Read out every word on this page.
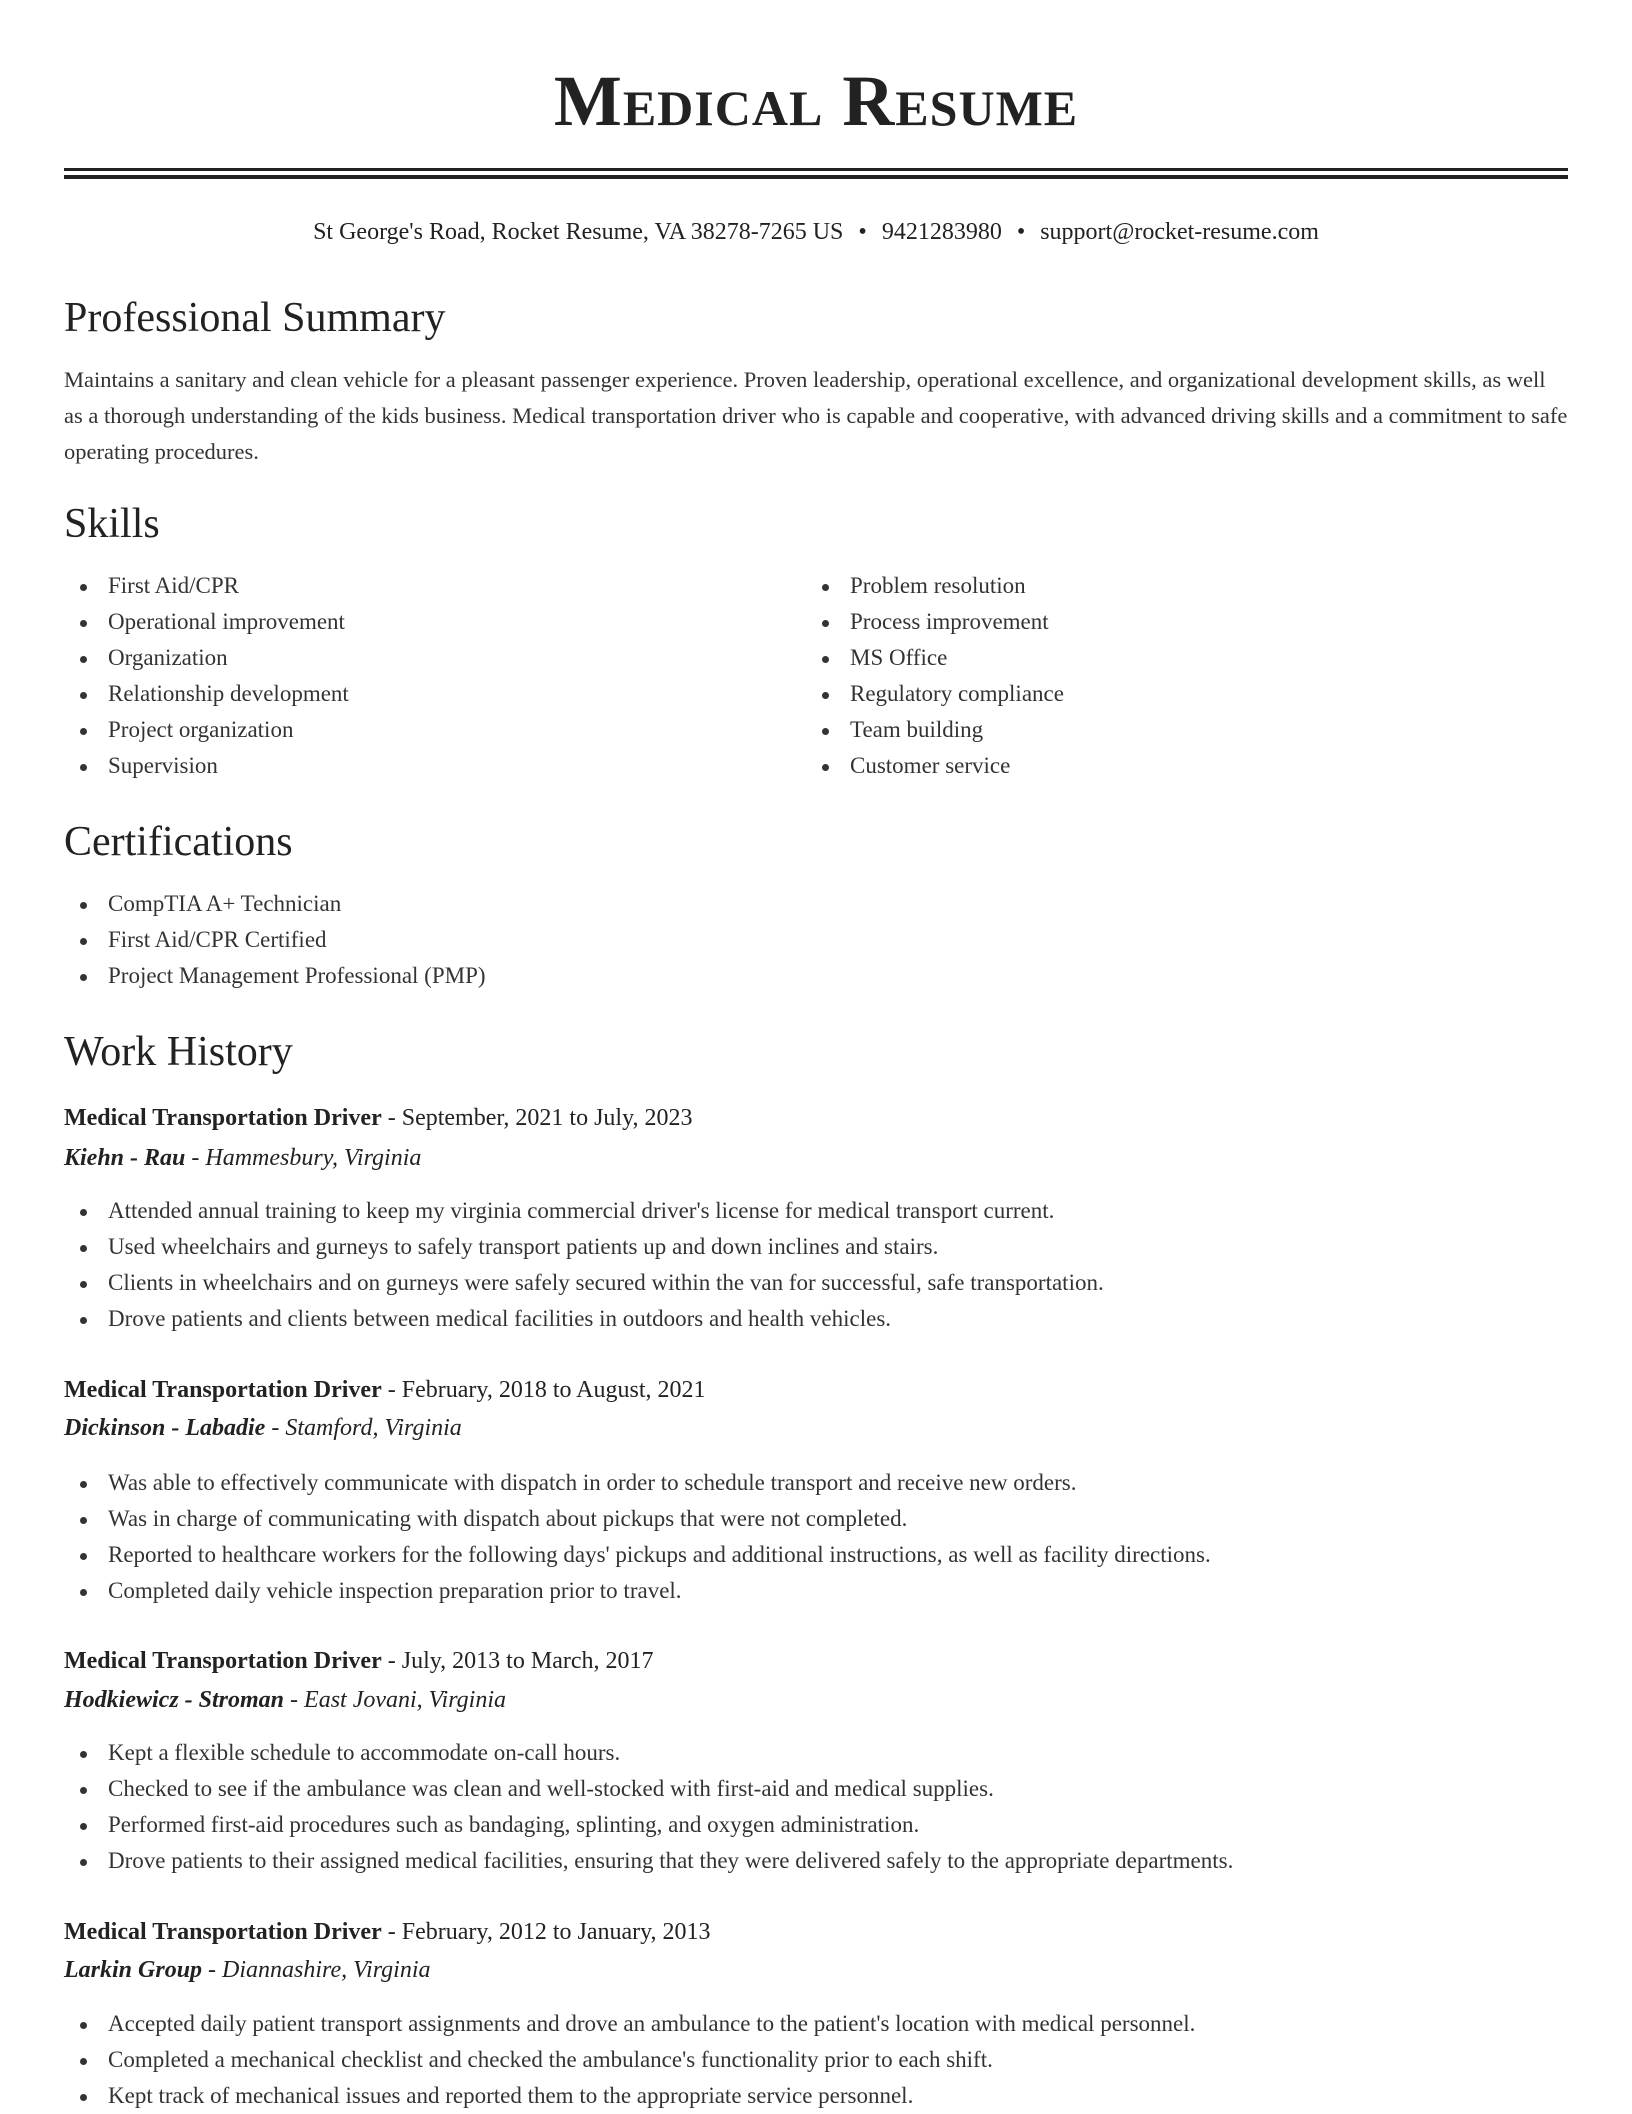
Medical Resume
St George's Road, Rocket Resume, VA 38278-7265 US • 9421283980 • support@rocket-resume.com
Professional Summary

Maintains a sanitary and clean vehicle for a pleasant passenger experience. Proven leadership, operational excellence, and organizational development skills, as well as a thorough understanding of the kids business. Medical transportation driver who is capable and cooperative, with advanced driving skills and a commitment to safe operating procedures.

Skills
First Aid/CPR
Operational improvement
Organization
Relationship development
Project organization
Supervision
Problem resolution
Process improvement
MS Office
Regulatory compliance
Team building
Customer service
Certifications
CompTIA A+ Technician
First Aid/CPR Certified
Project Management Professional (PMP)
Work History
Medical Transportation Driver - September, 2021 to July, 2023
Kiehn - Rau - Hammesbury, Virginia
Attended annual training to keep my virginia commercial driver's license for medical transport current.
Used wheelchairs and gurneys to safely transport patients up and down inclines and stairs.
Clients in wheelchairs and on gurneys were safely secured within the van for successful, safe transportation.
Drove patients and clients between medical facilities in outdoors and health vehicles.
Medical Transportation Driver - February, 2018 to August, 2021
Dickinson - Labadie - Stamford, Virginia
Was able to effectively communicate with dispatch in order to schedule transport and receive new orders.
Was in charge of communicating with dispatch about pickups that were not completed.
Reported to healthcare workers for the following days' pickups and additional instructions, as well as facility directions.
Completed daily vehicle inspection preparation prior to travel.
Medical Transportation Driver - July, 2013 to March, 2017
Hodkiewicz - Stroman - East Jovani, Virginia
Kept a flexible schedule to accommodate on-call hours.
Checked to see if the ambulance was clean and well-stocked with first-aid and medical supplies.
Performed first-aid procedures such as bandaging, splinting, and oxygen administration.
Drove patients to their assigned medical facilities, ensuring that they were delivered safely to the appropriate departments.
Medical Transportation Driver - February, 2012 to January, 2013
Larkin Group - Diannashire, Virginia
Accepted daily patient transport assignments and drove an ambulance to the patient's location with medical personnel.
Completed a mechanical checklist and checked the ambulance's functionality prior to each shift.
Kept track of mechanical issues and reported them to the appropriate service personnel.
